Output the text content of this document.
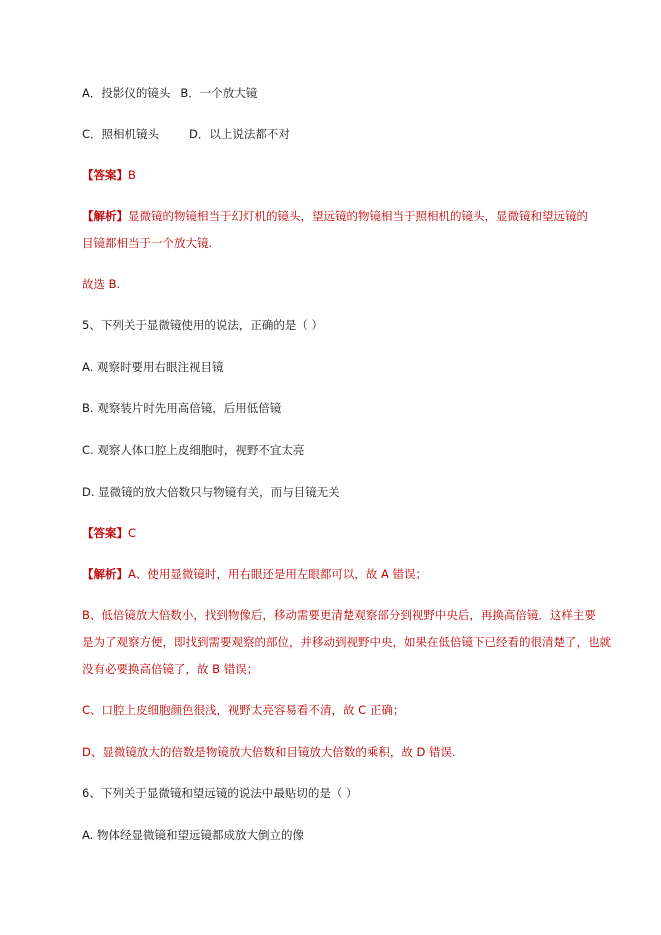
A．投影仪的镜头 B．一个放大镜
C．照相机镜头	D．以上说法都不对
【答案】B
【解析】显微镜的物镜相当于幻灯机的镜头，望远镜的物镜相当于照相机的镜头，显微镜和望远镜的
目镜都相当于一个放大镜.
故选 B.
5、下列关于显微镜使用的说法，正确的是（ ）
A. 观察时要用右眼注视目镜
B. 观察装片时先用高倍镜，后用低倍镜
C. 观察人体口腔上皮细胞时，视野不宜太亮
D. 显微镜的放大倍数只与物镜有关，而与目镜无关
【答案】C
【解析】A、使用显微镜时，用右眼还是用左眼都可以，故 A 错误；
B、低倍镜放大倍数小，找到物像后，移动需要更清楚观察部分到视野中央后，再换高倍镜．这样主要
是为了观察方便，即找到需要观察的部位，并移动到视野中央，如果在低倍镜下已经看的很清楚了，也就
没有必要换高倍镜了，故 B 错误；
C、口腔上皮细胞颜色很浅，视野太亮容易看不清，故 C 正确；
D、显微镜放大的倍数是物镜放大倍数和目镜放大倍数的乘积，故 D 错误.
6、下列关于显微镜和望远镜的说法中最贴切的是（ ）
A. 物体经显微镜和望远镜都成放大倒立的像
